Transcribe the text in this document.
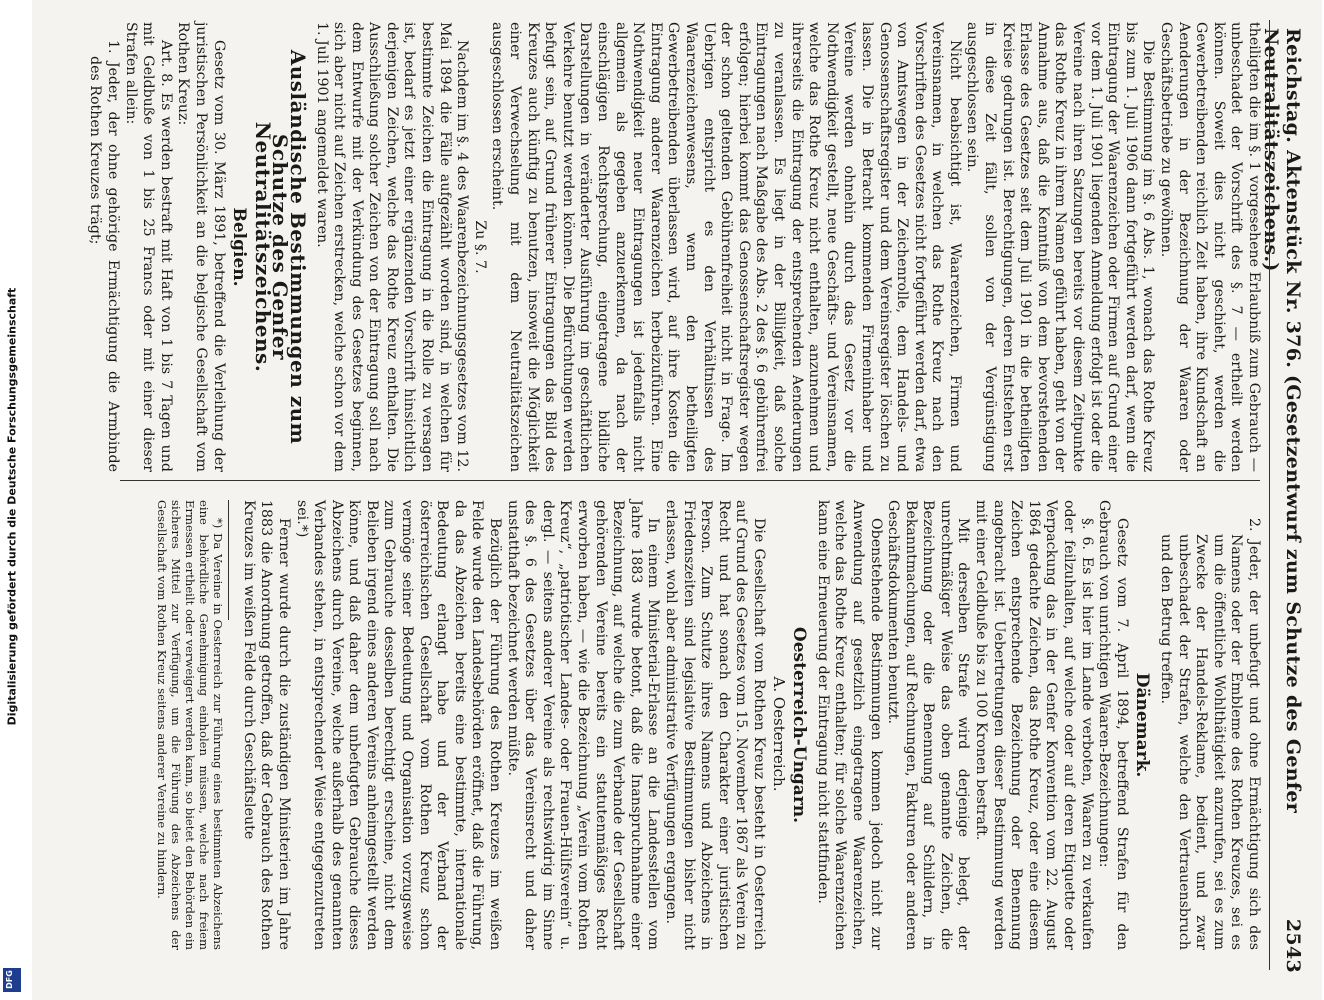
Digitalisierung gefördert durch die Deutsche Forschungsgemeinschaft
DFG
Reichstag. Aktenstück Nr. 376. (Gesetzentwurf zum Schutze des Genfer Neutralitätszeichens.)
2543

theiligten die im §. 1 vorgesehene Erlaubniß zum Gebrauch — unbeschadet der Vorschrift des §. 7 — ertheilt werden können. Soweit dies nicht geschieht, werden die Gewerbetreibenden reichlich Zeit haben, ihre Kundschaft an Aenderungen in der Bezeichnung der Waaren oder Geschäftsbetriebe zu gewöhnen.

Die Bestimmung im §. 6 Abs. 1, wonach das Rothe Kreuz bis zum 1. Juli 1906 dann fortgeführt werden darf, wenn die Eintragung der Waarenzeichen oder Firmen auf Grund einer vor dem 1. Juli 1901 liegenden Anmeldung erfolgt ist oder die Vereine nach ihren Satzungen bereits vor diesem Zeitpunkte das Rothe Kreuz in ihrem Namen geführt haben, geht von der Annahme aus, daß die Kenntniß von dem bevorstehenden Erlasse des Gesetzes seit dem Juli 1901 in die betheiligten Kreise gedrungen ist. Berechtigungen, deren Entstehen erst in diese Zeit fällt, sollen von der Vergünstigung ausgeschlossen sein.

Nicht beabsichtigt ist, Waarenzeichen, Firmen und Vereinsnamen, in welchen das Rothe Kreuz nach den Vorschriften des Gesetzes nicht fortgeführt werden darf, etwa von Amtswegen in der Zeichenrolle, dem Handels- und Genossenschaftsregister und dem Vereinsregister löschen zu lassen. Die in Betracht kommenden Firmeninhaber und Vereine werden ohnehin durch das Gesetz vor die Nothwendigkeit gestellt, neue Geschäfts- und Vereinsnamen, welche das Rothe Kreuz nicht enthalten, anzunehmen und ihrerseits die Eintragung der entsprechenden Aenderungen zu veranlassen. Es liegt in der Billigkeit, daß solche Eintragungen nach Maßgabe des Abs. 2 des §. 6 gebührenfrei erfolgen; hierbei kommt das Genossenschaftsregister wegen der schon geltenden Gebührenfreiheit nicht in Frage. Im Uebrigen entspricht es den Verhältnissen des Waarenzeichenwesens, wenn den betheiligten Gewerbetreibenden überlassen wird, auf ihre Kosten die Eintragung anderer Waarenzeichen herbeizuführen. Eine Nothwendigkeit neuer Eintragungen ist jedenfalls nicht allgemein als gegeben anzuerkennen, da nach der einschlägigen Rechtsprechung, eingetragene bildliche Darstellungen in veränderter Ausführung im geschäftlichen Verkehre benutzt werden können. Die Befürchtungen werden befugt sein, auf Grund früherer Eintragungen das Bild des Kreuzes auch künftig zu benutzen, insoweit die Möglichkeit einer Verwechselung mit dem Neutralitätszeichen ausgeschlossen erscheint.

Zu §. 7.

Nachdem im §. 4 des Waarenbezeichnungsgesetzes vom 12. Mai 1894 die Fälle aufgezählt worden sind, in welchen für bestimmte Zeichen die Eintragung in die Rolle zu versagen ist, bedarf es jetzt einer ergänzenden Vorschrift hinsichtlich derjenigen Zeichen, welche das Rothe Kreuz enthalten. Die Ausschließung solcher Zeichen von der Eintragung soll nach dem Entwurfe mit der Verkündung des Gesetzes beginnen, sich aber nicht auf Zeichen erstrecken, welche schon vor dem 1. Juli 1901 angemeldet waren.

Ausländische Bestimmungen zum Schutze des Genfer Neutralitätszeichens.
Belgien.

Gesetz vom 30. März 1891, betreffend die Verleihung der juristischen Persönlichkeit an die belgische Gesellschaft vom Rothen Kreuz:

Art. 8. Es werden bestraft mit Haft von 1 bis 7 Tagen und mit Geldbuße von 1 bis 25 Francs oder mit einer dieser Strafen allein:

1. Jeder, der ohne gehörige Ermächtigung die Armbinde des Rothen Kreuzes trägt;

2. Jeder, der unbefugt und ohne Ermächtigung sich des Namens oder der Embleme des Rothen Kreuzes, sei es um die öffentliche Wohlthätigkeit anzurufen, sei es zum Zwecke der Handels-Reklame, bedient, und zwar unbeschadet der Strafen, welche den Vertrauensbruch und den Betrug treffen.

Dänemark.

Gesetz vom 7. April 1894, betreffend Strafen für den Gebrauch von unrichtigen Waaren-Bezeichnungen:

§. 6. Es ist hier im Lande verboten, Waaren zu verkaufen oder feilzuhalten, auf welche oder auf deren Etiquette oder Verpackung das in der Genfer Konvention vom 22. August 1864 gedachte Zeichen, das Rothe Kreuz, oder eine diesem Zeichen entsprechende Bezeichnung oder Benennung angebracht ist. Uebertretungen dieser Bestimmung werden mit einer Geldbuße bis zu 100 Kronen bestraft.

Mit derselben Strafe wird derjenige belegt, der unrechtmäßiger Weise das oben genannte Zeichen, die Bezeichnung oder die Benennung auf Schildern, in Bekanntmachungen, auf Rechnungen, Fakturen oder anderen Geschäftsdokumenten benutzt.

Obenstehende Bestimmungen kommen jedoch nicht zur Anwendung auf gesetzlich eingetragene Waarenzeichen, welche das Rothe Kreuz enthalten; für solche Waarenzeichen kann eine Erneuerung der Eintragung nicht stattfinden.

Oesterreich-Ungarn.

A. Oesterreich.

Die Gesellschaft vom Rothen Kreuz besteht in Oesterreich auf Grund des Gesetzes vom 15. November 1867 als Verein zu Recht und hat sonach den Charakter einer juristischen Person. Zum Schutze ihres Namens und Abzeichens in Friedenszeiten sind legislative Bestimmungen bisher nicht erlassen, wohl aber administrative Verfügungen ergangen.

In einem Ministerial-Erlasse an die Landesstellen vom Jahre 1883 wurde betont, daß die Inanspruchnahme einer Bezeichnung, auf welche die zum Verbande der Gesellschaft gehörenden Vereine bereits ein statutenmäßiges Recht erworben haben, — wie die Bezeichnung „Verein vom Rothen Kreuz“, „patriotischer Landes- oder Frauen-Hülfsverein“ u. dergl. — seitens anderer Vereine als rechtswidrig im Sinne des §. 6 des Gesetzes über das Vereinsrecht und daher unstatthaft bezeichnet werden müßte.

Bezüglich der Führung des Rothen Kreuzes im weißen Felde wurde den Landesbehörden eröffnet, daß die Führung, da das Abzeichen bereits eine bestimmte, internationale Bedeutung erlangt habe und der Verband der österreichischen Gesellschaft vom Rothen Kreuz schon vermöge seiner Bedeutung und Organisation vorzugsweise zum Gebrauche desselben berechtigt erscheine, nicht dem Belieben irgend eines anderen Vereins anheimgestellt werden könne, und daß daher dem unbefugten Gebrauche dieses Abzeichens durch Vereine, welche außerhalb des genannten Verbandes stehen, in entsprechender Weise entgegenzutreten sei.*)

Ferner wurde durch die zuständigen Ministerien im Jahre 1883 die Anordnung getroffen, daß der Gebrauch des Rothen Kreuzes im weißen Felde durch Geschäftsleute

*) Da Vereine in Oesterreich zur Führung eines bestimmten Abzeichens eine behördliche Genehmigung einholen müssen, welche nach freiem Ermessen ertheilt oder verweigert werden kann, so bietet den Behörden ein sicheres Mittel zur Verfügung, um die Führung des Abzeichens der Gesellschaft vom Rothen Kreuz seitens anderer Vereine zu hindern.
